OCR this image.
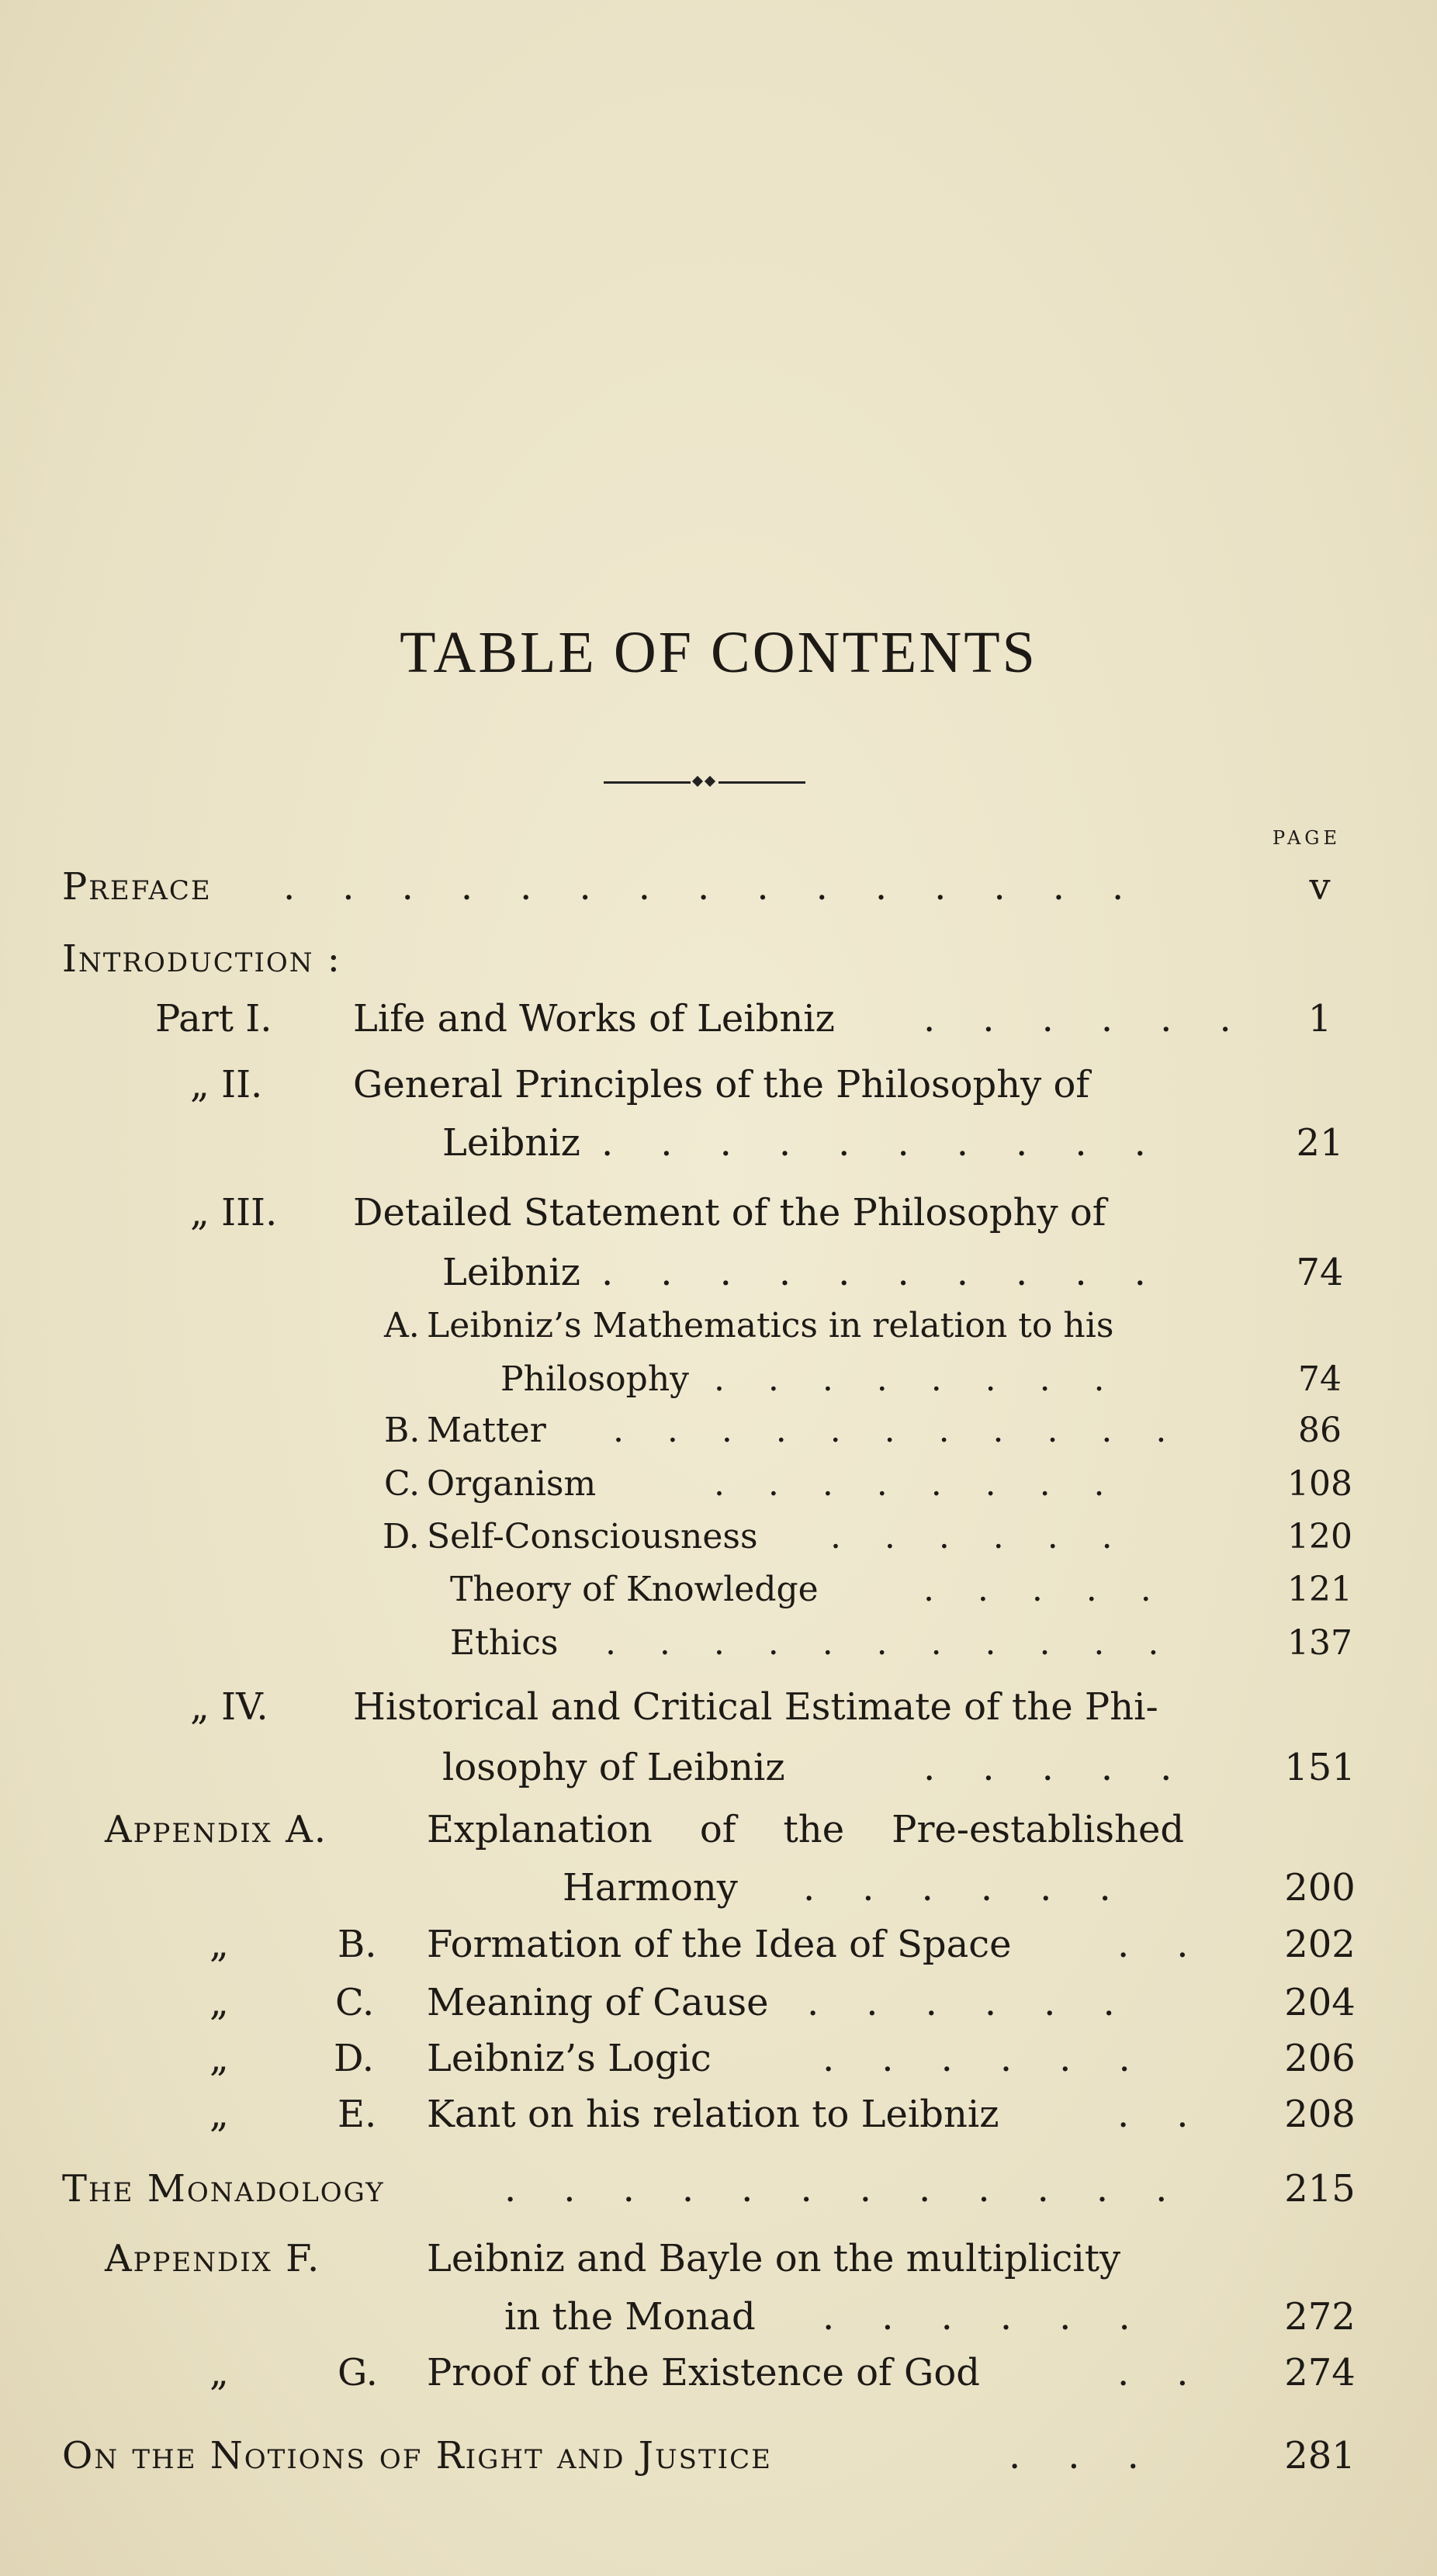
TABLE OF CONTENTS
PAGE
Preface .    .    .    .    .    .    .    .    .    .    .    .    .    .    .	v
Introduction :
Part I. Life and Works of Leibniz .    .    .    .    .    .	1
„ II. General Principles of the Philosophy of
Leibniz .    .    .    .    .    .    .    .    .    .	21
„ III. Detailed Statement of the Philosophy of
Leibniz .    .    .    .    .    .    .    .    .    .	74
A. Leibniz’s Mathematics in relation to his
Philosophy .    .    .    .    .    .    .    .	74
B. Matter .    .    .    .    .    .    .    .    .    .    .	86
C. Organism	.    .    .    .    .    .    .    .	108
D. Self-Consciousness .    .    .    .    .    .	120
Theory of Knowledge	.    .    .    .    .	121
Ethics .    .    .    .    .    .    .    .    .    .    .	137
„ IV. Historical and Critical Estimate of the Phi-
losophy of Leibniz	.    .    .    .    .	151
Appendix A.	Explanation    of    the    Pre-established
Harmony .    .    .    .    .    .	200
„	B. Formation of the Idea of Space	.    .	202
„	C. Meaning of Cause .    .    .    .    .    .	204
„	D. Leibniz’s Logic	.    .    .    .    .    .	206
„	E. Kant on his relation to Leibniz	.    .	208
The Monadology	.    .    .    .    .    .    .    .    .    .    .    .	215
Appendix F.	Leibniz and Bayle on the multiplicity
in the Monad .    .    .    .    .    .	272
„	G. Proof of the Existence of God	.    .	274
On the Notions of Right and Justice	.    .    .	281
